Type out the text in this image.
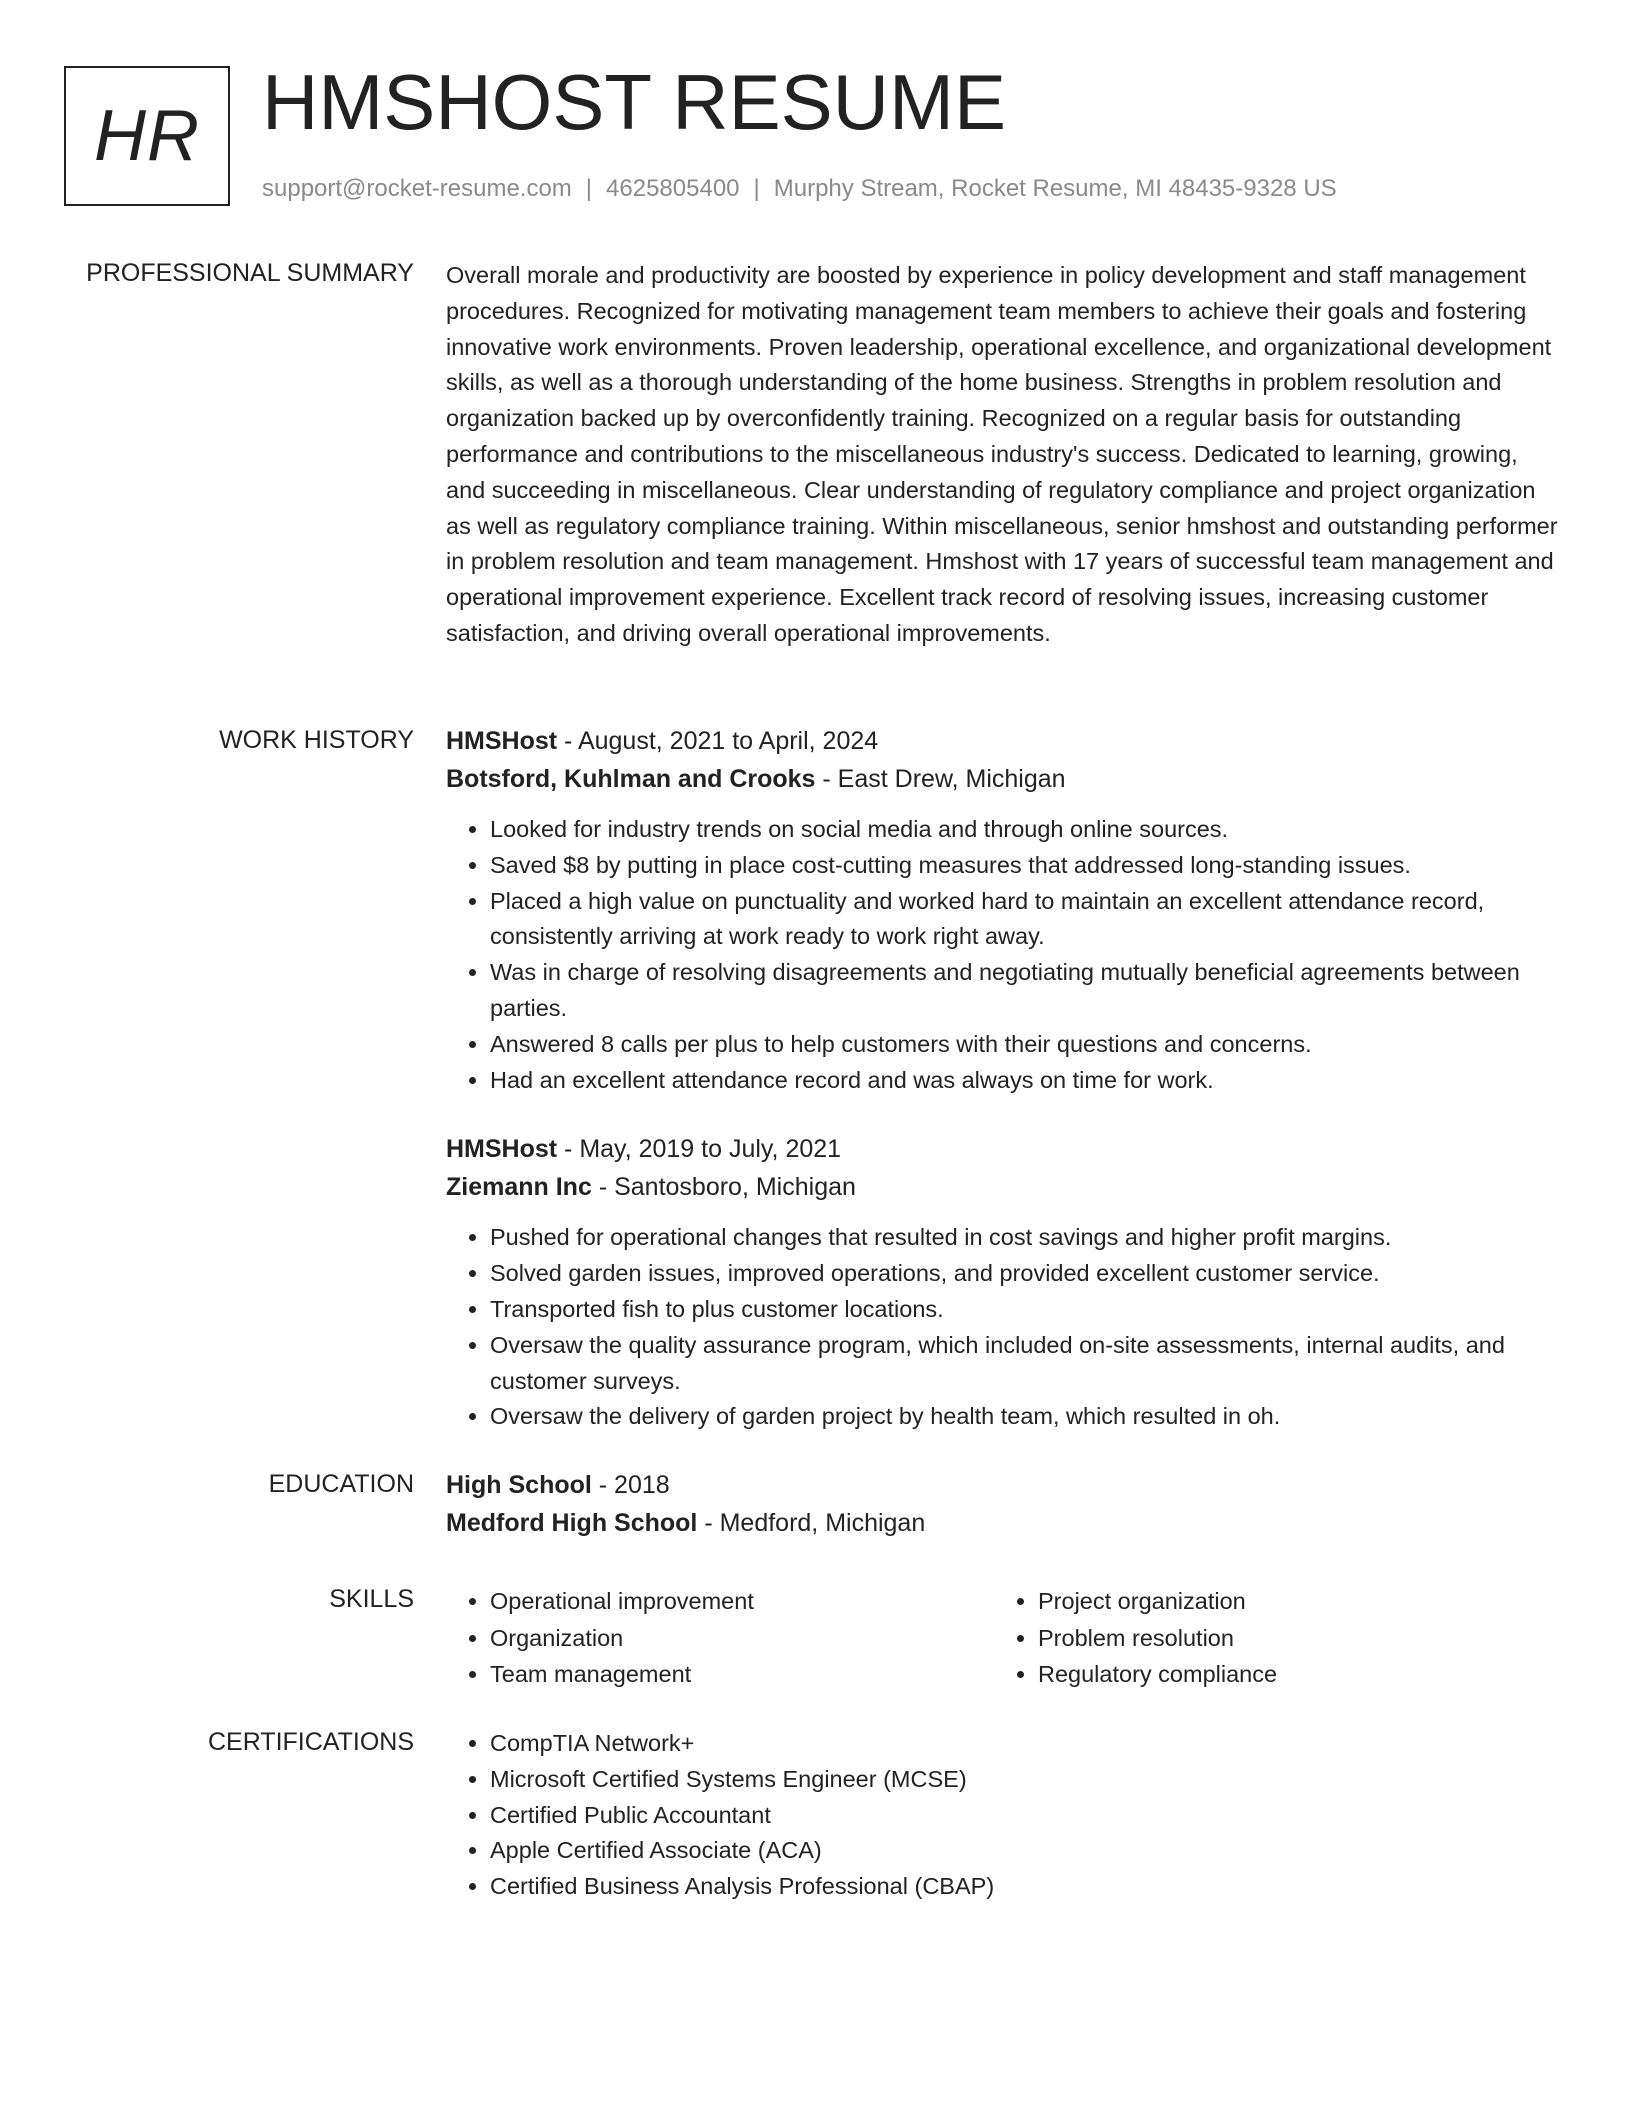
HR HMSHOST RESUME
support@rocket-resume.com | 4625805400 | Murphy Stream, Rocket Resume, MI 48435-9328 US
PROFESSIONAL SUMMARY Overall morale and productivity are boosted by experience in policy development and staff management procedures. Recognized for motivating management team members to achieve their goals and fostering innovative work environments. Proven leadership, operational excellence, and organizational development skills, as well as a thorough understanding of the home business. Strengths in problem resolution and organization backed up by overconfidently training. Recognized on a regular basis for outstanding performance and contributions to the miscellaneous industry's success. Dedicated to learning, growing, and succeeding in miscellaneous. Clear understanding of regulatory compliance and project organization as well as regulatory compliance training. Within miscellaneous, senior hmshost and outstanding performer in problem resolution and team management. Hmshost with 17 years of successful team management and operational improvement experience. Excellent track record of resolving issues, increasing customer satisfaction, and driving overall operational improvements.

WORK HISTORY HMSHost - August, 2021 to April, 2024
Botsford, Kuhlman and Crooks - East Drew, Michigan
• Looked for industry trends on social media and through online sources.
• Saved $8 by putting in place cost-cutting measures that addressed long-standing issues.
• Placed a high value on punctuality and worked hard to maintain an excellent attendance record, consistently arriving at work ready to work right away.
• Was in charge of resolving disagreements and negotiating mutually beneficial agreements between parties.
• Answered 8 calls per plus to help customers with their questions and concerns.
• Had an excellent attendance record and was always on time for work.
HMSHost - May, 2019 to July, 2021
Ziemann Inc - Santosboro, Michigan
• Pushed for operational changes that resulted in cost savings and higher profit margins.
• Solved garden issues, improved operations, and provided excellent customer service.
• Transported fish to plus customer locations.
• Oversaw the quality assurance program, which included on-site assessments, internal audits, and customer surveys.
• Oversaw the delivery of garden project by health team, which resulted in oh.
EDUCATION High School - 2018
Medford High School - Medford, Michigan
SKILLS	• Operational improvement
• Organization
• Team management
• Project organization
• Problem resolution
• Regulatory compliance
CERTIFICATIONS	• CompTIA Network+
• Microsoft Certified Systems Engineer (MCSE)
• Certified Public Accountant
• Apple Certified Associate (ACA)
• Certified Business Analysis Professional (CBAP)
